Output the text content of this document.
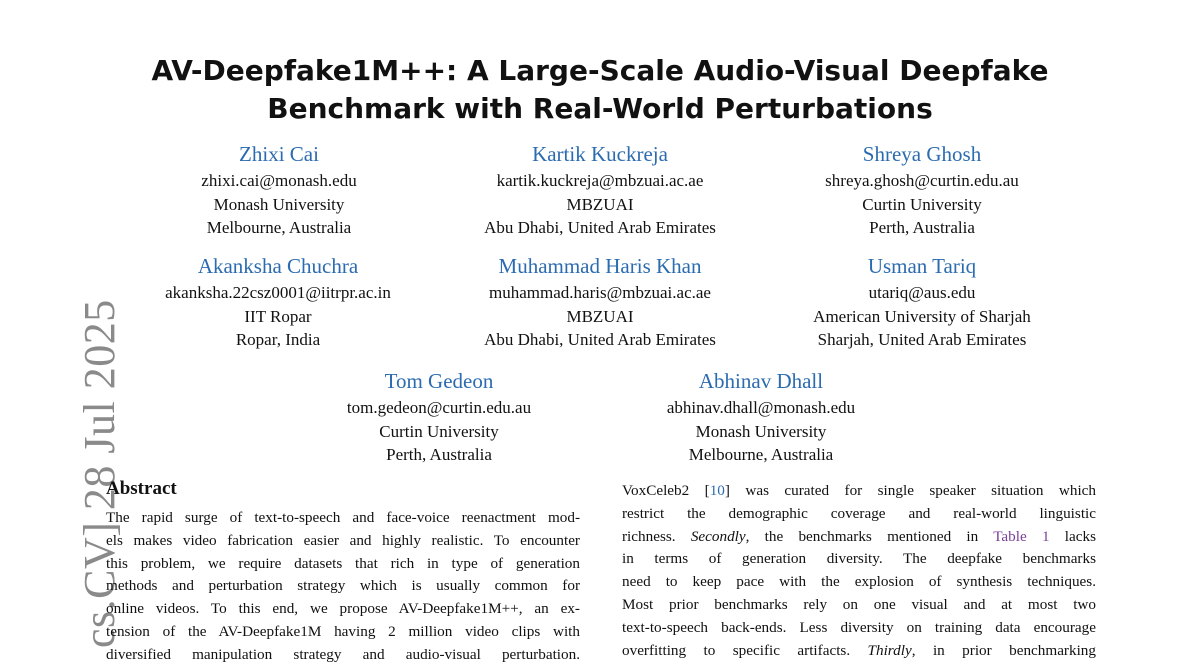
cs.CV] 28 Jul 2025
AV-Deepfake1M++: A Large-Scale Audio-Visual Deepfake
Benchmark with Real-World Perturbations
Zhixi Cai
zhixi.cai@monash.edu
Monash University
Melbourne, Australia
Kartik Kuckreja
kartik.kuckreja@mbzuai.ac.ae
MBZUAI
Abu Dhabi, United Arab Emirates
Shreya Ghosh
shreya.ghosh@curtin.edu.au
Curtin University
Perth, Australia
Akanksha Chuchra
akanksha.22csz0001@iitrpr.ac.in
IIT Ropar
Ropar, India
Muhammad Haris Khan
muhammad.haris@mbzuai.ac.ae
MBZUAI
Abu Dhabi, United Arab Emirates
Usman Tariq
utariq@aus.edu
American University of Sharjah
Sharjah, United Arab Emirates
Tom Gedeon
tom.gedeon@curtin.edu.au
Curtin University
Perth, Australia
Abhinav Dhall
abhinav.dhall@monash.edu
Monash University
Melbourne, Australia
Abstract

The rapid surge of text-to-speech and face-voice reenactment mod-
els makes video fabrication easier and highly realistic. To encounter
this problem, we require datasets that rich in type of generation
methods and perturbation strategy which is usually common for
online videos. To this end, we propose AV-Deepfake1M++, an ex-
tension of the AV-Deepfake1M having 2 million video clips with
diversified manipulation strategy and audio-visual perturbation.

VoxCeleb2 [10] was curated for single speaker situation which
restrict the demographic coverage and real-world linguistic
richness. Secondly, the benchmarks mentioned in Table 1 lacks
in terms of generation diversity. The deepfake benchmarks
need to keep pace with the explosion of synthesis techniques.
Most prior benchmarks rely on one visual and at most two
text-to-speech back-ends. Less diversity on training data encourage
overfitting to specific artifacts. Thirdly, in prior benchmarking
